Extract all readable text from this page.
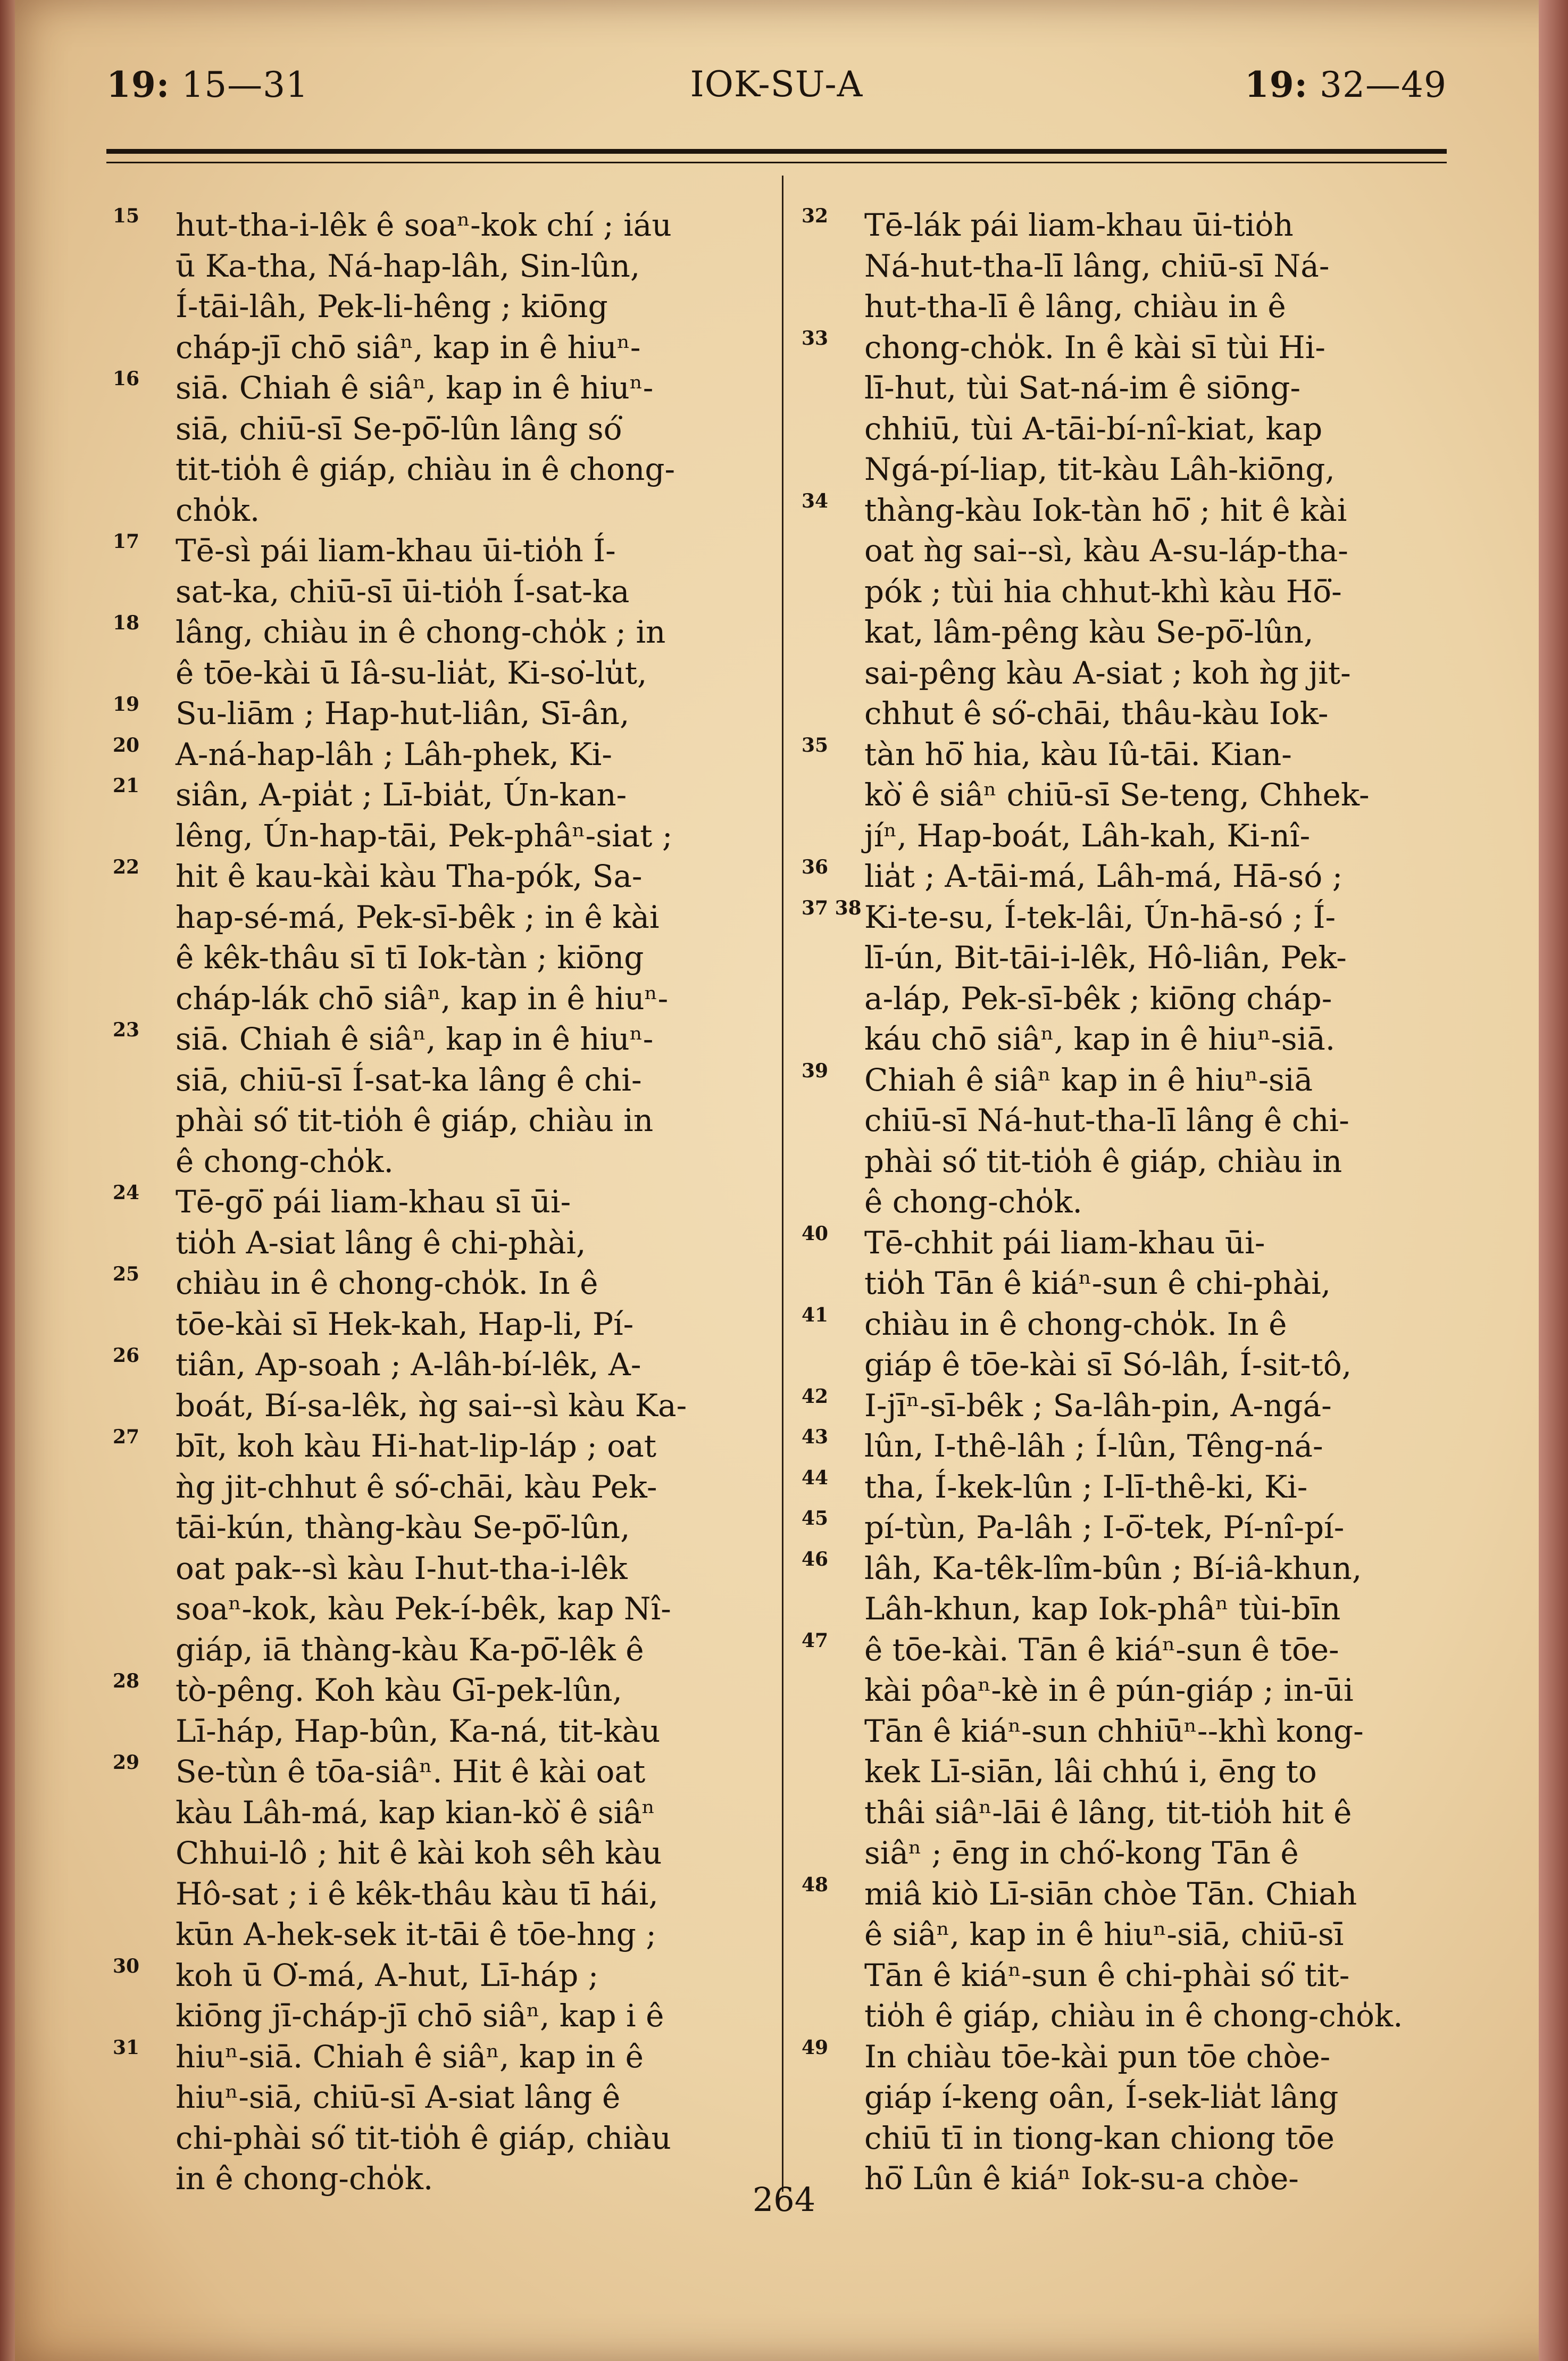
19: 15—31	IOK-SU-A	19: 32—49
15 hut-tha-i-lêk ê soaⁿ-kok chí ; iáu
ū Ka-tha, Ná-hap-lâh, Sin-lûn,
Í-tāi-lâh, Pek-li-hêng ; kiōng
cháp-jī chō siâⁿ, kap in ê hiuⁿ-
16 siā. Chiah ê siâⁿ, kap in ê hiuⁿ-
siā, chiū-sī Se-pō͘-lûn lâng só͘
tit-tio̍h ê giáp, chiàu in ê chong-
cho̍k.
17 Tē-sì pái liam-khau ūi-tio̍h Í-
sat-ka, chiū-sī ūi-tio̍h Í-sat-ka
18 lâng, chiàu in ê chong-cho̍k ; in
ê tōe-kài ū Iâ-su-lia̍t, Ki-so͘-lu̍t,
19 Su-liām ; Hap-hut-liân, Sī-ân,
20 A-ná-hap-lâh ; Lâh-phek, Ki-
21 siân, A-pia̍t ; Lī-bia̍t, Ún-kan-
lêng, Ún-hap-tāi, Pek-phâⁿ-siat ;
22 hit ê kau-kài kàu Tha-pók, Sa-
hap-sé-má, Pek-sī-bêk ; in ê kài
ê kêk-thâu sī tī Iok-tàn ; kiōng
cháp-lák chō siâⁿ, kap in ê hiuⁿ-
23 siā. Chiah ê siâⁿ, kap in ê hiuⁿ-
siā, chiū-sī Í-sat-ka lâng ê chi-
phài só͘ tit-tio̍h ê giáp, chiàu in
ê chong-cho̍k.
24 Tē-gō͘ pái liam-khau sī ūi-
tio̍h A-siat lâng ê chi-phài,
25 chiàu in ê chong-cho̍k. In ê
tōe-kài sī Hek-kah, Hap-li, Pí-
26 tiân, Ap-soah ; A-lâh-bí-lêk, A-
boát, Bí-sa-lêk, ǹg sai--sì kàu Ka-
27 bīt, koh kàu Hi-hat-lip-láp ; oat
ǹg jit-chhut ê só͘-chāi, kàu Pek-
tāi-kún, thàng-kàu Se-pō͘-lûn,
oat pak--sì kàu I-hut-tha-i-lêk
soaⁿ-kok, kàu Pek-í-bêk, kap Nî-
giáp, iā thàng-kàu Ka-pō͘-lêk ê
28 tò-pêng. Koh kàu Gī-pek-lûn,
Lī-háp, Hap-bûn, Ka-ná, tit-kàu
29 Se-tùn ê tōa-siâⁿ. Hit ê kài oat
kàu Lâh-má, kap kian-kò͘ ê siâⁿ
Chhui-lô ; hit ê kài koh sêh kàu
Hô-sat ; i ê kêk-thâu kàu tī hái,
kūn A-hek-sek it-tāi ê tōe-hng ;
30 koh ū O͘-má, A-hut, Lī-háp ;
kiōng jī-cháp-jī chō siâⁿ, kap i ê
31 hiuⁿ-siā. Chiah ê siâⁿ, kap in ê
hiuⁿ-siā, chiū-sī A-siat lâng ê
chi-phài só͘ tit-tio̍h ê giáp, chiàu
in ê chong-cho̍k.
32 Tē-lák pái liam-khau ūi-tio̍h
Ná-hut-tha-lī lâng, chiū-sī Ná-
hut-tha-lī ê lâng, chiàu in ê
33 chong-cho̍k. In ê kài sī tùi Hi-
lī-hut, tùi Sat-ná-im ê siōng-
chhiū, tùi A-tāi-bí-nî-kiat, kap
Ngá-pí-liap, tit-kàu Lâh-kiōng,
34 thàng-kàu Iok-tàn hō͘ ; hit ê kài
oat ǹg sai--sì, kàu A-su-láp-tha-
pók ; tùi hia chhut-khì kàu Hō͘-
kat, lâm-pêng kàu Se-pō͘-lûn,
sai-pêng kàu A-siat ; koh ǹg jit-
chhut ê só͘-chāi, thâu-kàu Iok-
35 tàn hō͘ hia, kàu Iû-tāi. Kian-
kò͘ ê siâⁿ chiū-sī Se-teng, Chhek-
jíⁿ, Hap-boát, Lâh-kah, Ki-nî-
36 lia̍t ; A-tāi-má, Lâh-má, Hā-só ;
37 38 Ki-te-su, Í-tek-lâi, Ún-hā-só ; Í-
lī-ún, Bit-tāi-i-lêk, Hô-liân, Pek-
a-láp, Pek-sī-bêk ; kiōng cháp-
káu chō siâⁿ, kap in ê hiuⁿ-siā.
39 Chiah ê siâⁿ kap in ê hiuⁿ-siā
chiū-sī Ná-hut-tha-lī lâng ê chi-
phài só͘ tit-tio̍h ê giáp, chiàu in
ê chong-cho̍k.
40 Tē-chhit pái liam-khau ūi-
tio̍h Tān ê kiáⁿ-sun ê chi-phài,
41 chiàu in ê chong-cho̍k. In ê
giáp ê tōe-kài sī Só-lâh, Í-sit-tô,
42 I-jīⁿ-sī-bêk ; Sa-lâh-pin, A-ngá-
43 lûn, I-thê-lâh ; Í-lûn, Têng-ná-
44 tha, Í-kek-lûn ; I-lī-thê-ki, Ki-
45 pí-tùn, Pa-lâh ; I-ō͘-tek, Pí-nî-pí-
46 lâh, Ka-têk-lîm-bûn ; Bí-iâ-khun,
Lâh-khun, kap Iok-phâⁿ tùi-bīn
47 ê tōe-kài. Tān ê kiáⁿ-sun ê tōe-
kài pôaⁿ-kè in ê pún-giáp ; in-ūi
Tān ê kiáⁿ-sun chhiūⁿ--khì kong-
kek Lī-siān, lâi chhú i, ēng to
thâi siâⁿ-lāi ê lâng, tit-tio̍h hit ê
siâⁿ ; ēng in chó͘-kong Tān ê
48 miâ kiò Lī-siān chòe Tān. Chiah
ê siâⁿ, kap in ê hiuⁿ-siā, chiū-sī
Tān ê kiáⁿ-sun ê chi-phài só͘ tit-
tio̍h ê giáp, chiàu in ê chong-cho̍k.
49 In chiàu tōe-kài pun tōe chòe-
giáp í-keng oân, Í-sek-lia̍t lâng
chiū tī in tiong-kan chiong tōe
hō͘ Lûn ê kiáⁿ Iok-su-a chòe-
264
